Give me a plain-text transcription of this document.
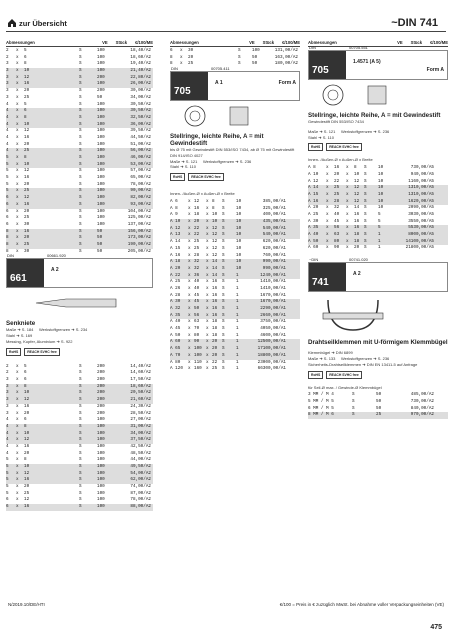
zur Übersicht	~DIN 741
Abmessungen	VE Stück €/100/ME
2	x	5	S	100	18,40/A2
2	x	6	S	100	18,60/A2
3	x	8	S	100	19,40/A2
3	x	10	S	100	21,40/A2
3	x	12	S	200	22,80/A2
3	x	16	S	100	26,00/A2
3	x	20	S	200	30,00/A2
3	x	25	S	50	34,00/A2
4	x	5	S	100	30,50/A2
4	x	6	S	100	30,50/A2
4	x	8	S	100	32,50/A2
4	x	10	S	100	36,00/A2
4	x	12	S	100	39,50/A2
4	x	16	S	100	44,50/A2
4	x	20	S	100	51,00/A2
4	x	25	S	100	56,00/A2
5	x	8	S	100	46,00/A2
5	x	10	S	100	53,00/A2
5	x	12	S	100	57,00/A2
5	x	16	S	100	65,00/A2
5	x	20	S	100	78,00/A2
5	x	25	S	100	90,00/A2
6	x	12	S	100	82,00/A2
6	x	16	S	100	93,00/A2
6	x	20	S	100	104,00/A2
6	x	25	S	100	125,00/A2
6	x	30	S	100	137,00/A2
8	x	16	S	50	156,00/A2
8	x	20	S	50	173,00/A2
8	x	25	S	50	190,00/A2
8	x	30	S	50	205,00/A2
DIN	00661.920
661
A 2
Senkniete
Maße ➔ S. 184 Werkstoffgrenzen ➔ S. 234
Stahl ➔ S. 169
Messing, Kupfer, Aluminium ➔ S. 922
RoHS	REACH SVHC free
2	x	5	S	200	14,40/A2
2	x	6	S	200	14,60/A2
3	x	6	S	200	17,50/A2
3	x	8	S	200	18,60/A2
3	x	10	S	200	20,50/A2
3	x	12	S	200	21,60/A2
3	x	16	S	200	24,30/A2
3	x	20	S	200	28,50/A2
4	x	6	S	100	27,00/A2
4	x	8	S	100	31,00/A2
4	x	10	S	100	34,00/A2
4	x	12	S	100	37,50/A2
4	x	16	S	100	42,50/A2
4	x	20	S	100	48,50/A2
5	x	8	S	100	44,00/A2
5	x	10	S	100	49,50/A2
5	x	12	S	100	54,00/A2
5	x	16	S	100	62,00/A2
5	x	20	S	100	74,00/A2
5	x	25	S	100	87,00/A2
6	x	12	S	100	78,00/A2
6	x	16	S	100	88,00/A2
Abmessungen	VE Stück €/100/ME
6	x	30	S	100	131,00/A2
8	x	20	S	50	163,00/A2
8	x	25	S	50	180,00/A2
DIN	00705.411
705
A 1	Form A
Stellringe, leichte Reihe, A = mit Gewindestift
bis Ø 75 mit Gewindestift DIN 553/ISO 7434, ab Ø 75 mit Gewindestift DIN 914/ISO 4027
Maße ➔ S. 121 Werkstoffgrenzen ➔ S. 236
Stahl ➔ S. 110
RoHS	REACH SVHC free
Innen- /Außen-Ø x Außen-Ø x Breite
A 6	x 12	x 8	S	10	385,00/A1
A 8	x 16	x 8	S	10	325,00/A1
A 9	x 18	x 10	S	10	400,00/A1
A 10	x 20	x 10	S	10	435,00/A1
A 12	x 22	x 12	S	10	540,00/A1
A 13	x 22	x 12	S	10	540,00/A1
A 14	x 25	x 12	S	10	620,00/A1
A 15	x 25	x 12	S	10	620,00/A1
A 16	x 28	x 12	S	10	760,00/A1
A 18	x 32	x 14	S	10	990,00/A1
A 20	x 32	x 14	S	10	990,00/A1
A 22	x 36	x 14	S	1	1240,00/A1
A 25	x 40	x 16	S	1	1410,00/A1
A 26	x 40	x 16	S	1	1410,00/A1
A 28	x 45	x 16	S	1	1670,00/A1
A 30	x 45	x 16	S	1	1670,00/A1
A 32	x 50	x 16	S	1	2290,00/A1
A 35	x 56	x 16	S	1	2660,00/A1
A 40	x 63	x 18	S	1	3750,00/A1
A 45	x 70	x 18	S	1	4050,00/A1
A 50	x 80	x 18	S	1	4600,00/A1
A 60	x 90	x 20	S	1	12500,00/A1
A 65	x 100 x 20	S	1	17100,00/A1
A 70	x 100 x 20	S	1	18800,00/A1
A 80	x 110 x 22	S	1	23000,00/A1
A 120	x 160 x 25	S	1	66300,00/A1
Abmessungen	VE Stück €/100/ME
DIN	00705.551
705
1.4571 (A 5)
Form A
Stellringe, leichte Reihe, A = mit Gewindestift
Gewindestift DIN 553/ISO 7434
Maße ➔ S. 121 Werkstoffgrenzen ➔ S. 236
Stahl ➔ S. 110
RoHS	REACH SVHC free
Innen- /Außen-Ø x Außen-Ø x Breite
A 8	x	16	x	8	S	10	730,00/A5
A 10	x	20	x	10	S	10	940,00/A5
A 12	x	22	x	12	S	10	1160,00/A5
A 14	x	25	x	12	S	10	1310,00/A5
A 15	x	25	x	12	S	10	1310,00/A5
A 16	x	28	x	12	S	10	1620,00/A5
A 20	x	32	x	14	S	10	2090,00/A5
A 25	x	40	x	16	S	5	3030,00/A5
A 30	x	45	x	16	S	5	3550,00/A5
A 35	x	56	x	16	S	5	5530,00/A5
A 40	x	63	x	18	S	1	8000,00/A5
A 50	x	80	x	18	S	1	14100,00/A5
A 60	x	90	x	20	S	1	21800,00/A5
~DIN	00741.020
741
A 2
Drahtseilklemmen mit U-förmigem Klemmbügel
Klemmbügel ➔ DIN 6899
Maße ➔ S. 133 Werkstoffgrenzen ➔ S. 236
Sicherheits-Drahtseilklemmen ➔ DIN EN 13411-5 auf Anfrage
RoHS	REACH SVHC free
für Seil-Ø max. / Gewinde-Ø Klemmbügel
3 MM / M 4	S	50	485,00/A2
5 MM / M 5	S	50	730,00/A2
6 MM / M 5	S	50	840,00/A2
8 MM / M 6	S	25	970,00/A2
N/2019.10/DE/HTI	€/100 = Preis in € zuzüglich MwSt. bei Abnahme voller Verpackungseinheiten (VE)
475
